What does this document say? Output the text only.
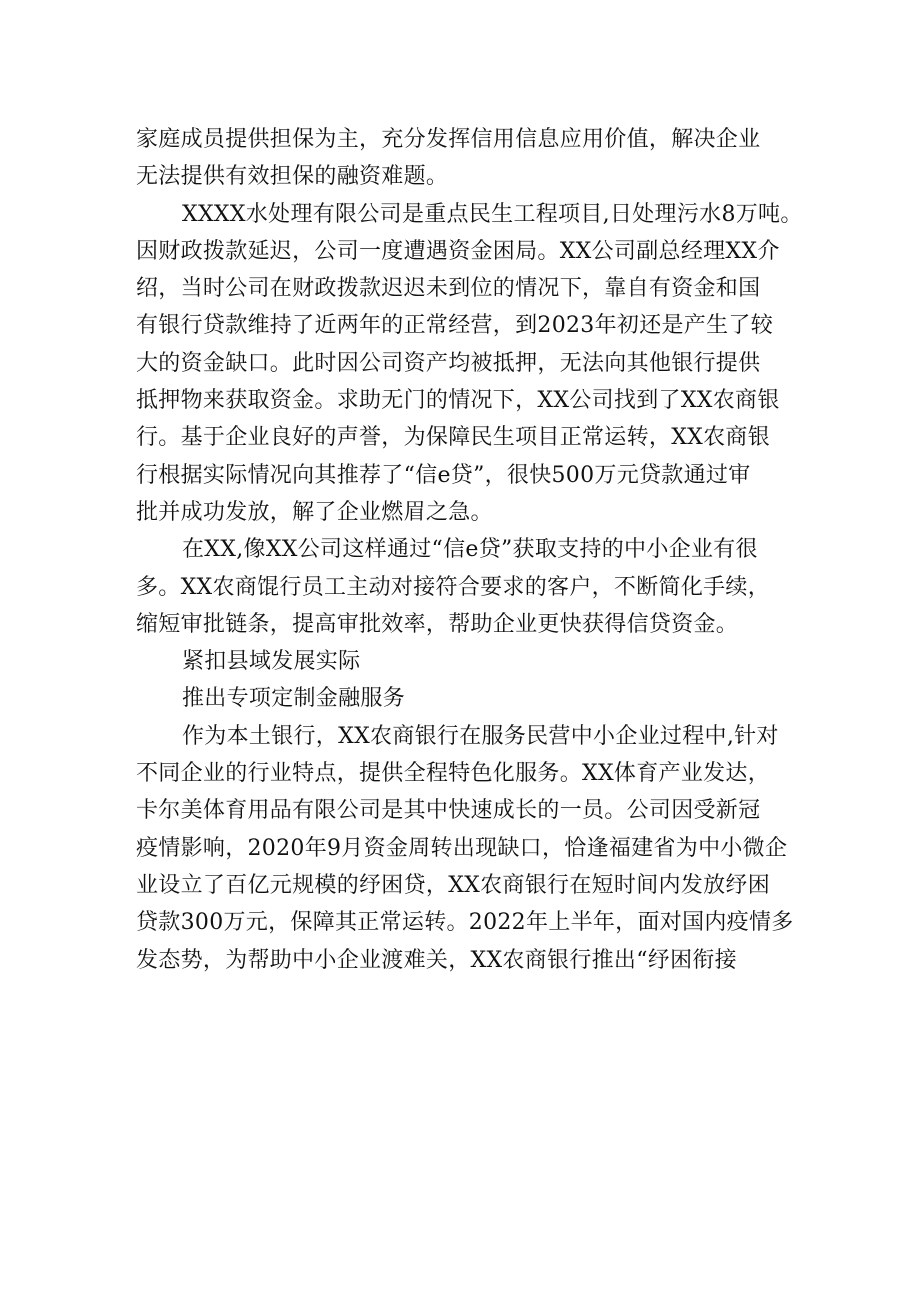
家庭成员提供担保为主，充分发挥信用信息应用价值，解决企业
无法提供有效担保的融资难题。
XXXX水处理有限公司是重点民生工程项目,日处理污水8万吨。
因财政拨款延迟，公司一度遭遇资金困局。XX公司副总经理XX介
绍，当时公司在财政拨款迟迟未到位的情况下，靠自有资金和国
有银行贷款维持了近两年的正常经营，到2023年初还是产生了较
大的资金缺口。此时因公司资产均被抵押，无法向其他银行提供
抵押物来获取资金。求助无门的情况下，XX公司找到了XX农商银
行。基于企业良好的声誉，为保障民生项目正常运转，XX农商银
行根据实际情况向其推荐了“信e贷”，很快500万元贷款通过审
批并成功发放，解了企业燃眉之急。
在XX,像XX公司这样通过“信e贷”获取支持的中小企业有很
多。XX农商馄行员工主动对接符合要求的客户，不断简化手续，
缩短审批链条，提高审批效率，帮助企业更快获得信贷资金。
紧扣县域发展实际
推出专项定制金融服务
作为本土银行，XX农商银行在服务民营中小企业过程中,针对
不同企业的行业特点，提供全程特色化服务。XX体育产业发达，
卡尔美体育用品有限公司是其中快速成长的一员。公司因受新冠
疫情影响，2020年9月资金周转出现缺口，恰逢福建省为中小微企
业设立了百亿元规模的纾困贷，XX农商银行在短时间内发放纾困
贷款300万元，保障其正常运转。2022年上半年，面对国内疫情多
发态势，为帮助中小企业渡难关，XX农商银行推出“纾困衔接
